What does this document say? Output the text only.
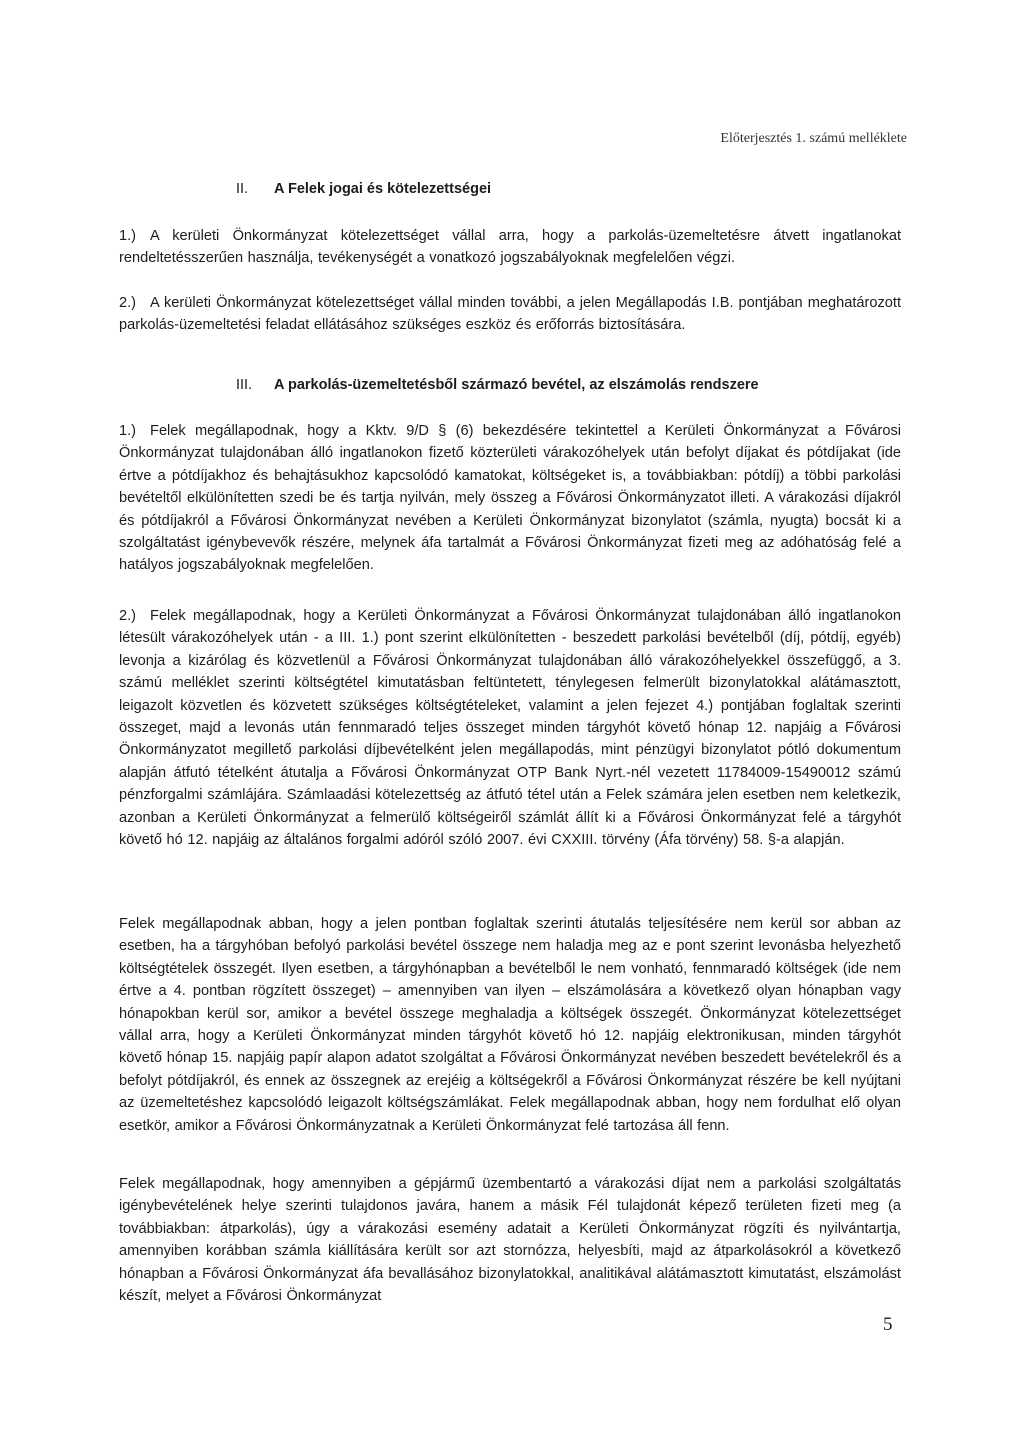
Előterjesztés 1. számú melléklete
II. A Felek jogai és kötelezettségei
1.) A kerületi Önkormányzat kötelezettséget vállal arra, hogy a parkolás-üzemeltetésre átvett ingatlanokat rendeltetésszerűen használja, tevékenységét a vonatkozó jogszabályoknak megfelelően végzi.
2.) A kerületi Önkormányzat kötelezettséget vállal minden további, a jelen Megállapodás I.B. pontjában meghatározott parkolás-üzemeltetési feladat ellátásához szükséges eszköz és erőforrás biztosítására.
III. A parkolás-üzemeltetésből származó bevétel, az elszámolás rendszere
1.) Felek megállapodnak, hogy a Kktv. 9/D § (6) bekezdésére tekintettel a Kerületi Önkormányzat a Fővárosi Önkormányzat tulajdonában álló ingatlanokon fizető közterületi várakozóhelyek után befolyt díjakat és pótdíjakat (ide értve a pótdíjakhoz és behajtásukhoz kapcsolódó kamatokat, költségeket is, a továbbiakban: pótdíj) a többi parkolási bevételtől elkülönítetten szedi be és tartja nyilván, mely összeg a Fővárosi Önkormányzatot illeti. A várakozási díjakról és pótdíjakról a Fővárosi Önkormányzat nevében a Kerületi Önkormányzat bizonylatot (számla, nyugta) bocsát ki a szolgáltatást igénybevevők részére, melynek áfa tartalmát a Fővárosi Önkormányzat fizeti meg az adóhatóság felé a hatályos jogszabályoknak megfelelően.
2.) Felek megállapodnak, hogy a Kerületi Önkormányzat a Fővárosi Önkormányzat tulajdonában álló ingatlanokon létesült várakozóhelyek után - a III. 1.) pont szerint elkülönítetten - beszedett parkolási bevételből (díj, pótdíj, egyéb) levonja a kizárólag és közvetlenül a Fővárosi Önkormányzat tulajdonában álló várakozóhelyekkel összefüggő, a 3. számú melléklet szerinti költségtétel kimutatásban feltüntetett, ténylegesen felmerült bizonylatokkal alátámasztott, leigazolt közvetlen és közvetett szükséges költségtételeket, valamint a jelen fejezet 4.) pontjában foglaltak szerinti összeget, majd a levonás után fennmaradó teljes összeget minden tárgyhót követő hónap 12. napjáig a Fővárosi Önkormányzatot megillető parkolási díjbevételként jelen megállapodás, mint pénzügyi bizonylatot pótló dokumentum alapján átfutó tételként átutalja a Fővárosi Önkormányzat OTP Bank Nyrt.-nél vezetett 11784009-15490012 számú pénzforgalmi számlájára. Számlaadási kötelezettség az átfutó tétel után a Felek számára jelen esetben nem keletkezik, azonban a Kerületi Önkormányzat a felmerülő költségeiről számlát állít ki a Fővárosi Önkormányzat felé a tárgyhót követő hó 12. napjáig az általános forgalmi adóról szóló 2007. évi CXXIII. törvény (Áfa törvény) 58. §-a alapján.
Felek megállapodnak abban, hogy a jelen pontban foglaltak szerinti átutalás teljesítésére nem kerül sor abban az esetben, ha a tárgyhóban befolyó parkolási bevétel összege nem haladja meg az e pont szerint levonásba helyezhető költségtételek összegét. Ilyen esetben, a tárgyhónapban a bevételből le nem vonható, fennmaradó költségek (ide nem értve a 4. pontban rögzített összeget) – amennyiben van ilyen – elszámolására a következő olyan hónapban vagy hónapokban kerül sor, amikor a bevétel összege meghaladja a költségek összegét. Önkormányzat kötelezettséget vállal arra, hogy a Kerületi Önkormányzat minden tárgyhót követő hó 12. napjáig elektronikusan, minden tárgyhót követő hónap 15. napjáig papír alapon adatot szolgáltat a Fővárosi Önkormányzat nevében beszedett bevételekről és a befolyt pótdíjakról, és ennek az összegnek az erejéig a költségekről a Fővárosi Önkormányzat részére be kell nyújtani az üzemeltetéshez kapcsolódó leigazolt költségszámlákat. Felek megállapodnak abban, hogy nem fordulhat elő olyan esetkör, amikor a Fővárosi Önkormányzatnak a Kerületi Önkormányzat felé tartozása áll fenn.
Felek megállapodnak, hogy amennyiben a gépjármű üzembentartó a várakozási díjat nem a parkolási szolgáltatás igénybevételének helye szerinti tulajdonos javára, hanem a másik Fél tulajdonát képező területen fizeti meg (a továbbiakban: átparkolás), úgy a várakozási esemény adatait a Kerületi Önkormányzat rögzíti és nyilvántartja, amennyiben korábban számla kiállítására került sor azt stornózza, helyesbíti, majd az átparkolásokról a következő hónapban a Fővárosi Önkormányzat áfa bevallásához bizonylatokkal, analitikával alátámasztott kimutatást, elszámolást készít, melyet a Fővárosi Önkormányzat
5
